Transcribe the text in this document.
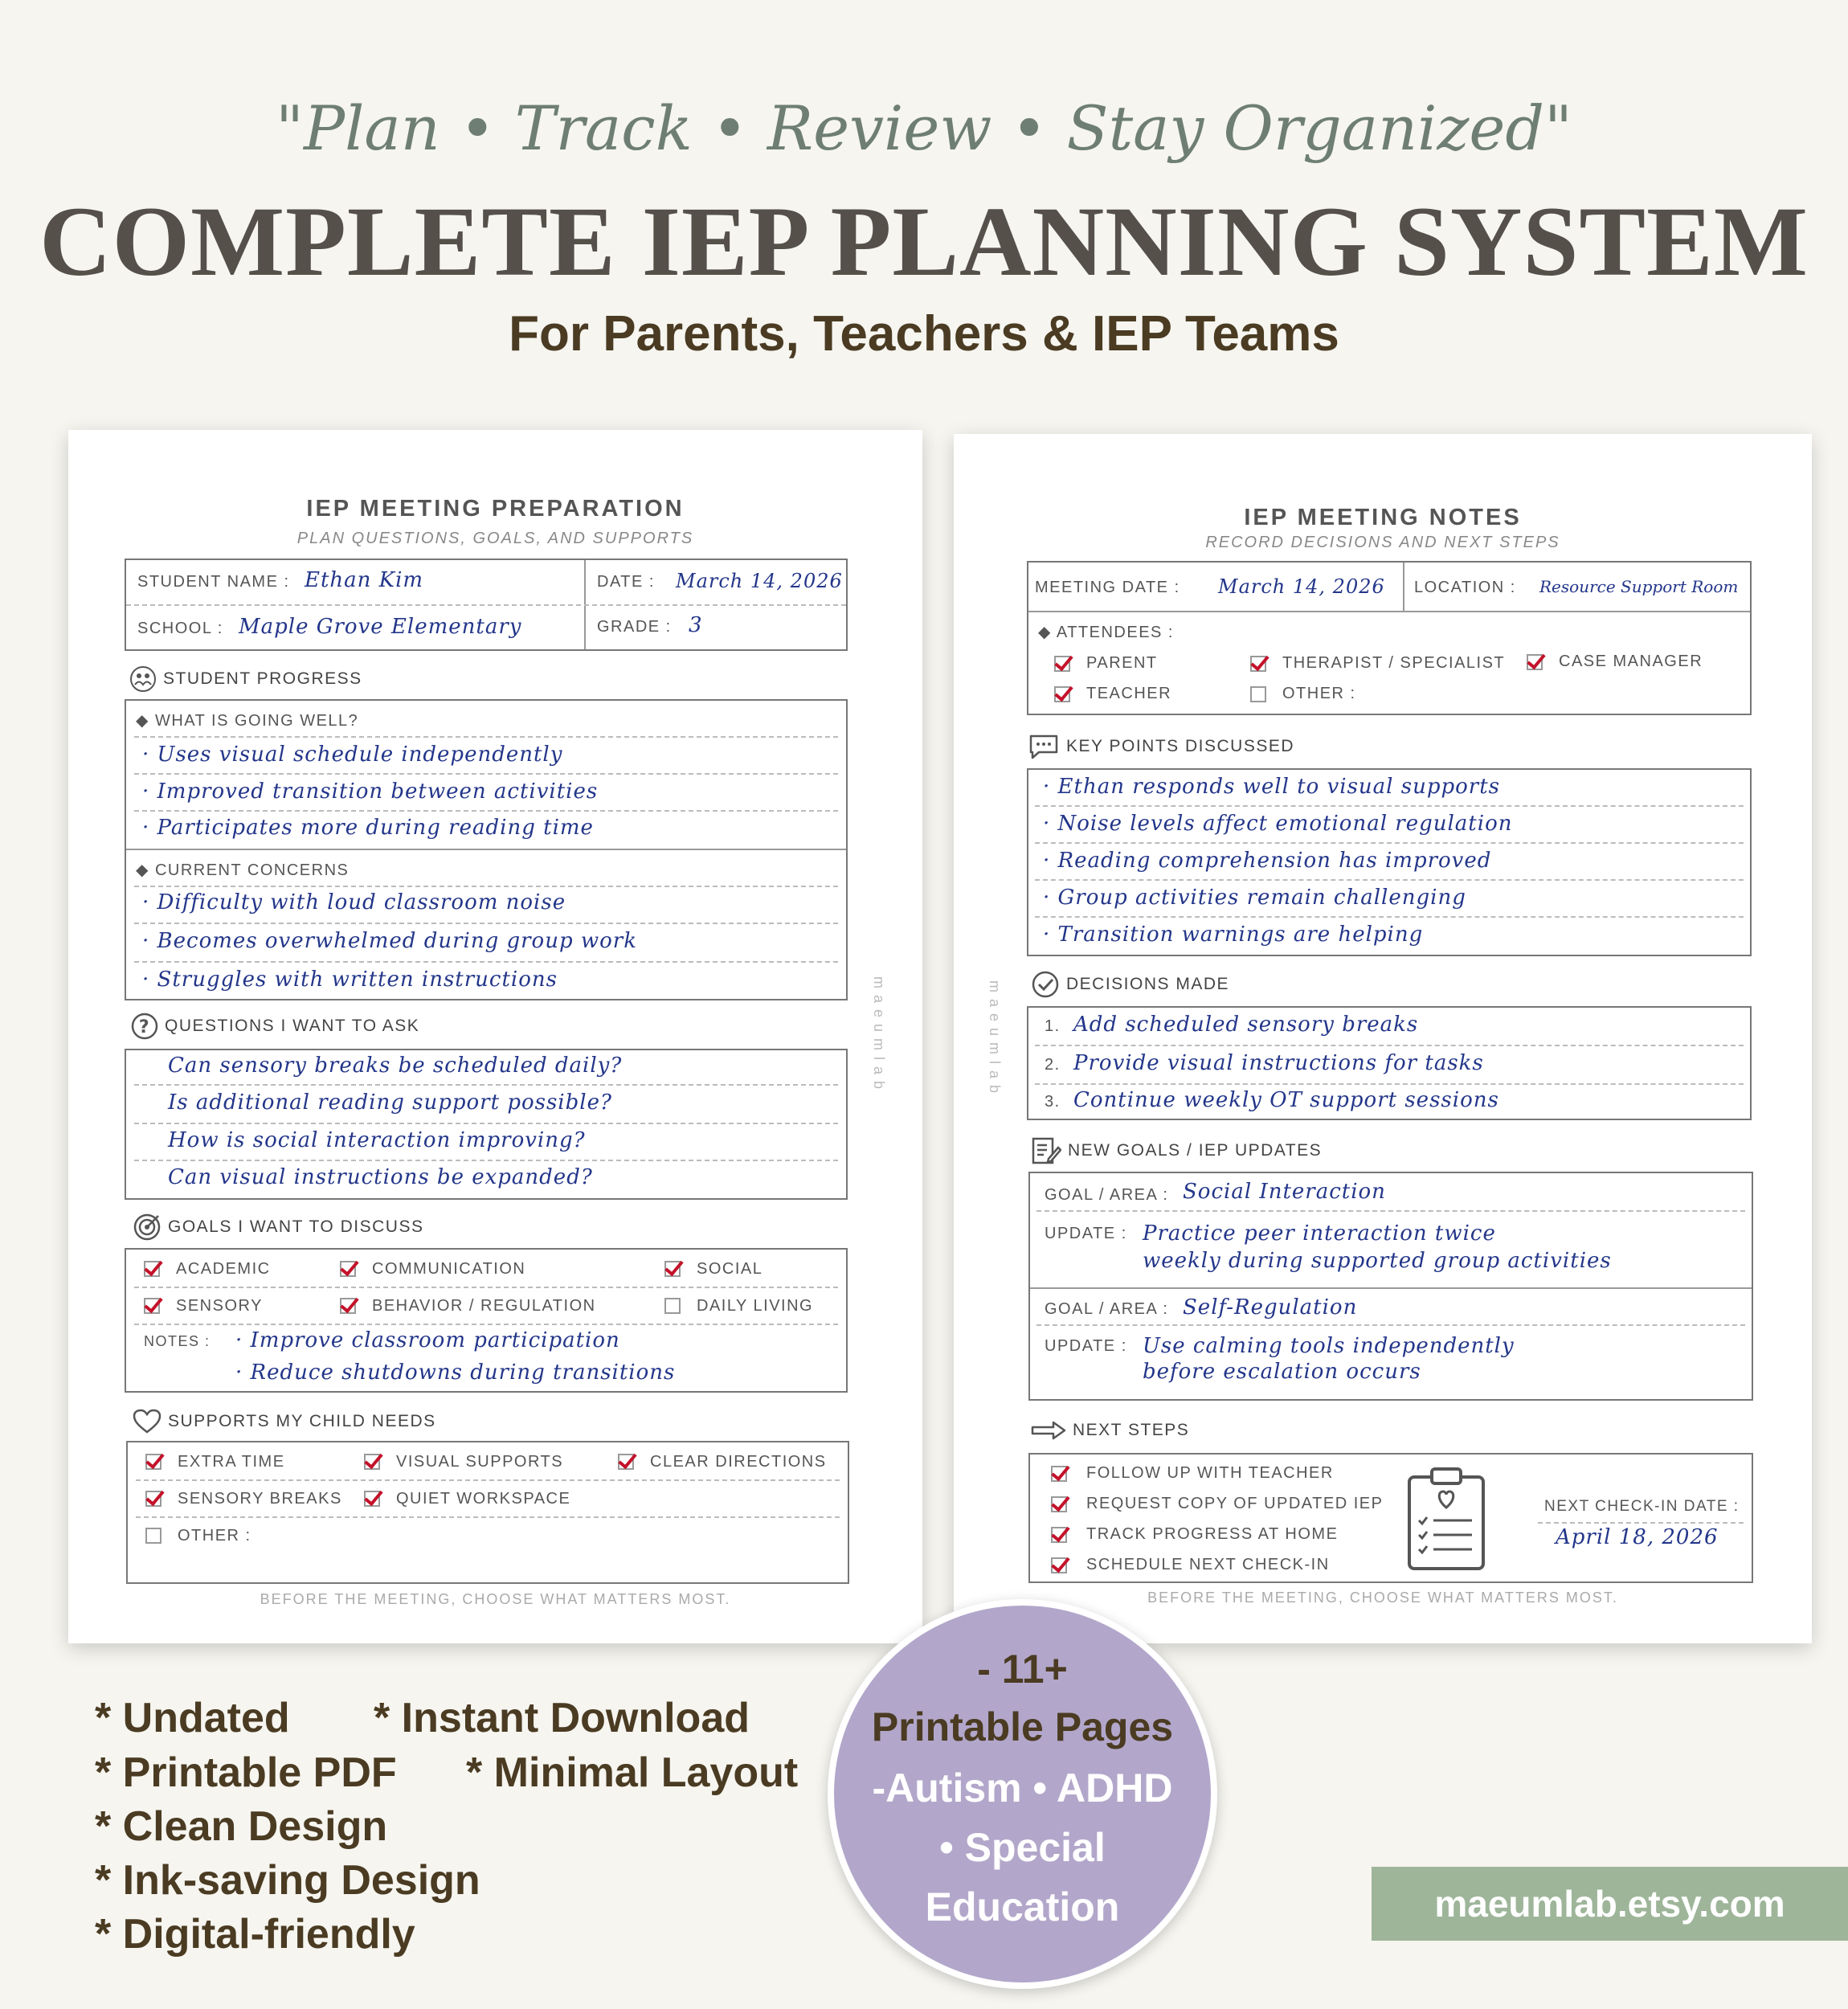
"Plan • Track • Review • Stay Organized"
COMPLETE IEP PLANNING SYSTEM
For Parents, Teachers & IEP Teams
IEP MEETING PREPARATION
PLAN QUESTIONS, GOALS, AND SUPPORTS
STUDENT NAME : Ethan Kim	DATE : March 14, 2026
SCHOOL : Maple Grove Elementary	GRADE : 3
STUDENT PROGRESS
◆ WHAT IS GOING WELL?
· Uses visual schedule independently
· Improved transition between activities
· Participates more during reading time
◆ CURRENT CONCERNS
· Difficulty with loud classroom noise
· Becomes overwhelmed during group work
· Struggles with written instructions
? QUESTIONS I WANT TO ASK
Can sensory breaks be scheduled daily?
Is additional reading support possible?
How is social interaction improving?
Can visual instructions be expanded?
GOALS I WANT TO DISCUSS
ACADEMIC	COMMUNICATION	SOCIAL
SENSORY	BEHAVIOR / REGULATION	DAILY LIVING
NOTES : · Improve classroom participation
· Reduce shutdowns during transitions
SUPPORTS MY CHILD NEEDS
EXTRA TIME	VISUAL SUPPORTS	CLEAR DIRECTIONS
SENSORY BREAKS	QUIET WORKSPACE
OTHER :
BEFORE THE MEETING, CHOOSE WHAT MATTERS MOST.
maeumlab
IEP MEETING NOTES
RECORD DECISIONS AND NEXT STEPS
MEETING DATE : March 14, 2026 LOCATION : Resource Support Room
◆ ATTENDEES :
PARENT	THERAPIST / SPECIALIST	CASE MANAGER
TEACHER	OTHER :
KEY POINTS DISCUSSED
· Ethan responds well to visual supports
· Noise levels affect emotional regulation
· Reading comprehension has improved
· Group activities remain challenging
· Transition warnings are helping
DECISIONS MADE
1. Add scheduled sensory breaks
2. Provide visual instructions for tasks
3. Continue weekly OT support sessions
NEW GOALS / IEP UPDATES
GOAL / AREA : Social Interaction
UPDATE : Practice peer interaction twice
weekly during supported group activities
GOAL / AREA : Self-Regulation
UPDATE : Use calming tools independently
before escalation occurs
NEXT STEPS
FOLLOW UP WITH TEACHER
REQUEST COPY OF UPDATED IEP
TRACK PROGRESS AT HOME
SCHEDULE NEXT CHECK-IN
NEXT CHECK-IN DATE :
April 18, 2026
BEFORE THE MEETING, CHOOSE WHAT MATTERS MOST.
maeumlab
* Undated * Instant Download
* Printable PDF * Minimal Layout
* Clean Design
* Ink-saving Design
* Digital-friendly
- 11+
Printable Pages
-Autism • ADHD
• Special
Education	maeumlab.etsy.com
